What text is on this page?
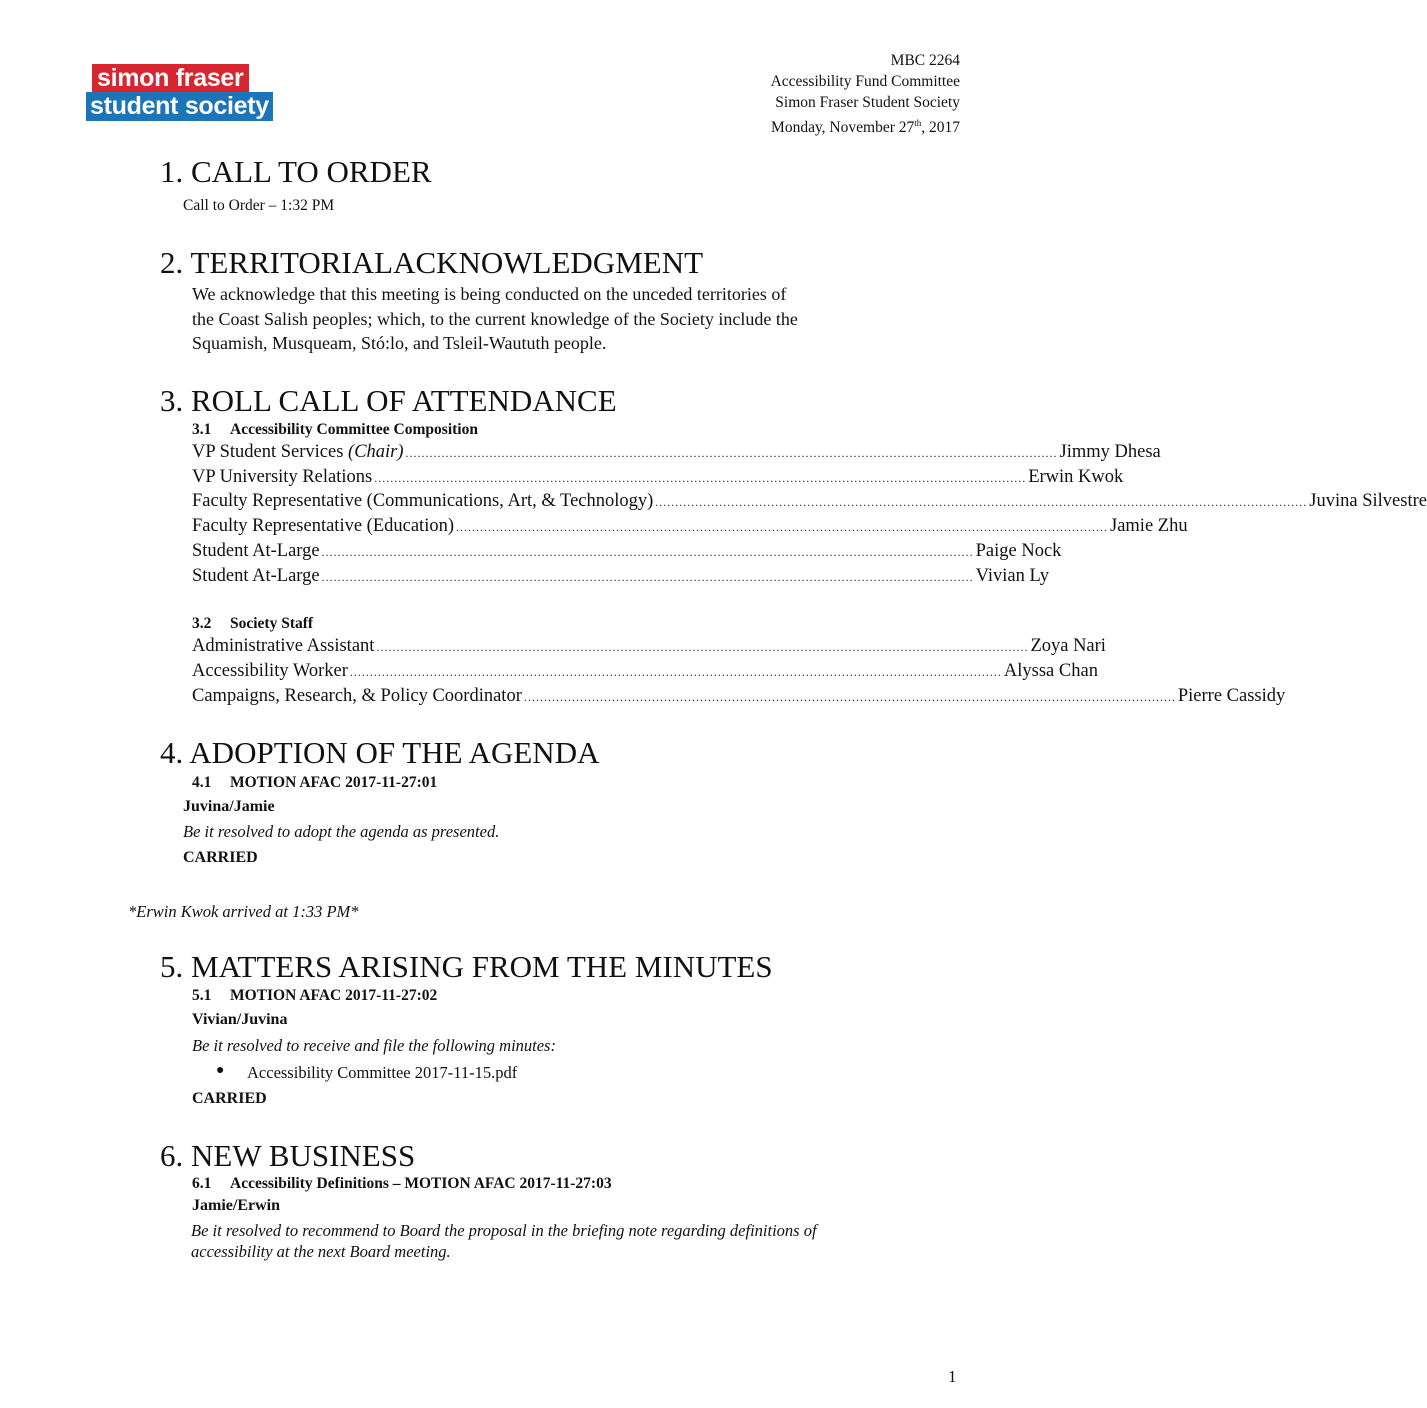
simon fraser
student society
MBC 2264
Accessibility Fund Committee
Simon Fraser Student Society
Monday, November 27th, 2017
1. CALL TO ORDER
Call to Order – 1:32 PM
2. TERRITORIALACKNOWLEDGMENT
We acknowledge that this meeting is being conducted on the unceded territories of
the Coast Salish peoples; which, to the current knowledge of the Society include the
Squamish, Musqueam, Stó:lo, and Tsleil-Waututh people.
3. ROLL CALL OF ATTENDANCE
3.1 Accessibility Committee Composition
VP Student Services (Chair) ................................................................................................................................................................... Jimmy Dhesa
VP University Relations ................................................................................................................................................................... Erwin Kwok
Faculty Representative (Communications, Art, & Technology) ................................................................................................................................................................... Juvina Silvestre
Faculty Representative (Education) ................................................................................................................................................................... Jamie Zhu
Student At-Large ................................................................................................................................................................... Paige Nock
Student At-Large ................................................................................................................................................................... Vivian Ly
3.2 Society Staff
Administrative Assistant ................................................................................................................................................................... Zoya Nari
Accessibility Worker ................................................................................................................................................................... Alyssa Chan
Campaigns, Research, & Policy Coordinator ................................................................................................................................................................... Pierre Cassidy
4. ADOPTION OF THE AGENDA
4.1 MOTION AFAC 2017-11-27:01
Juvina/Jamie
Be it resolved to adopt the agenda as presented.
CARRIED
*Erwin Kwok arrived at 1:33 PM*
5. MATTERS ARISING FROM THE MINUTES
5.1 MOTION AFAC 2017-11-27:02
Vivian/Juvina
Be it resolved to receive and file the following minutes:
● Accessibility Committee 2017-11-15.pdf
CARRIED
6. NEW BUSINESS
6.1 Accessibility Definitions – MOTION AFAC 2017-11-27:03
Jamie/Erwin
Be it resolved to recommend to Board the proposal in the briefing note regarding definitions of
accessibility at the next Board meeting.
1
